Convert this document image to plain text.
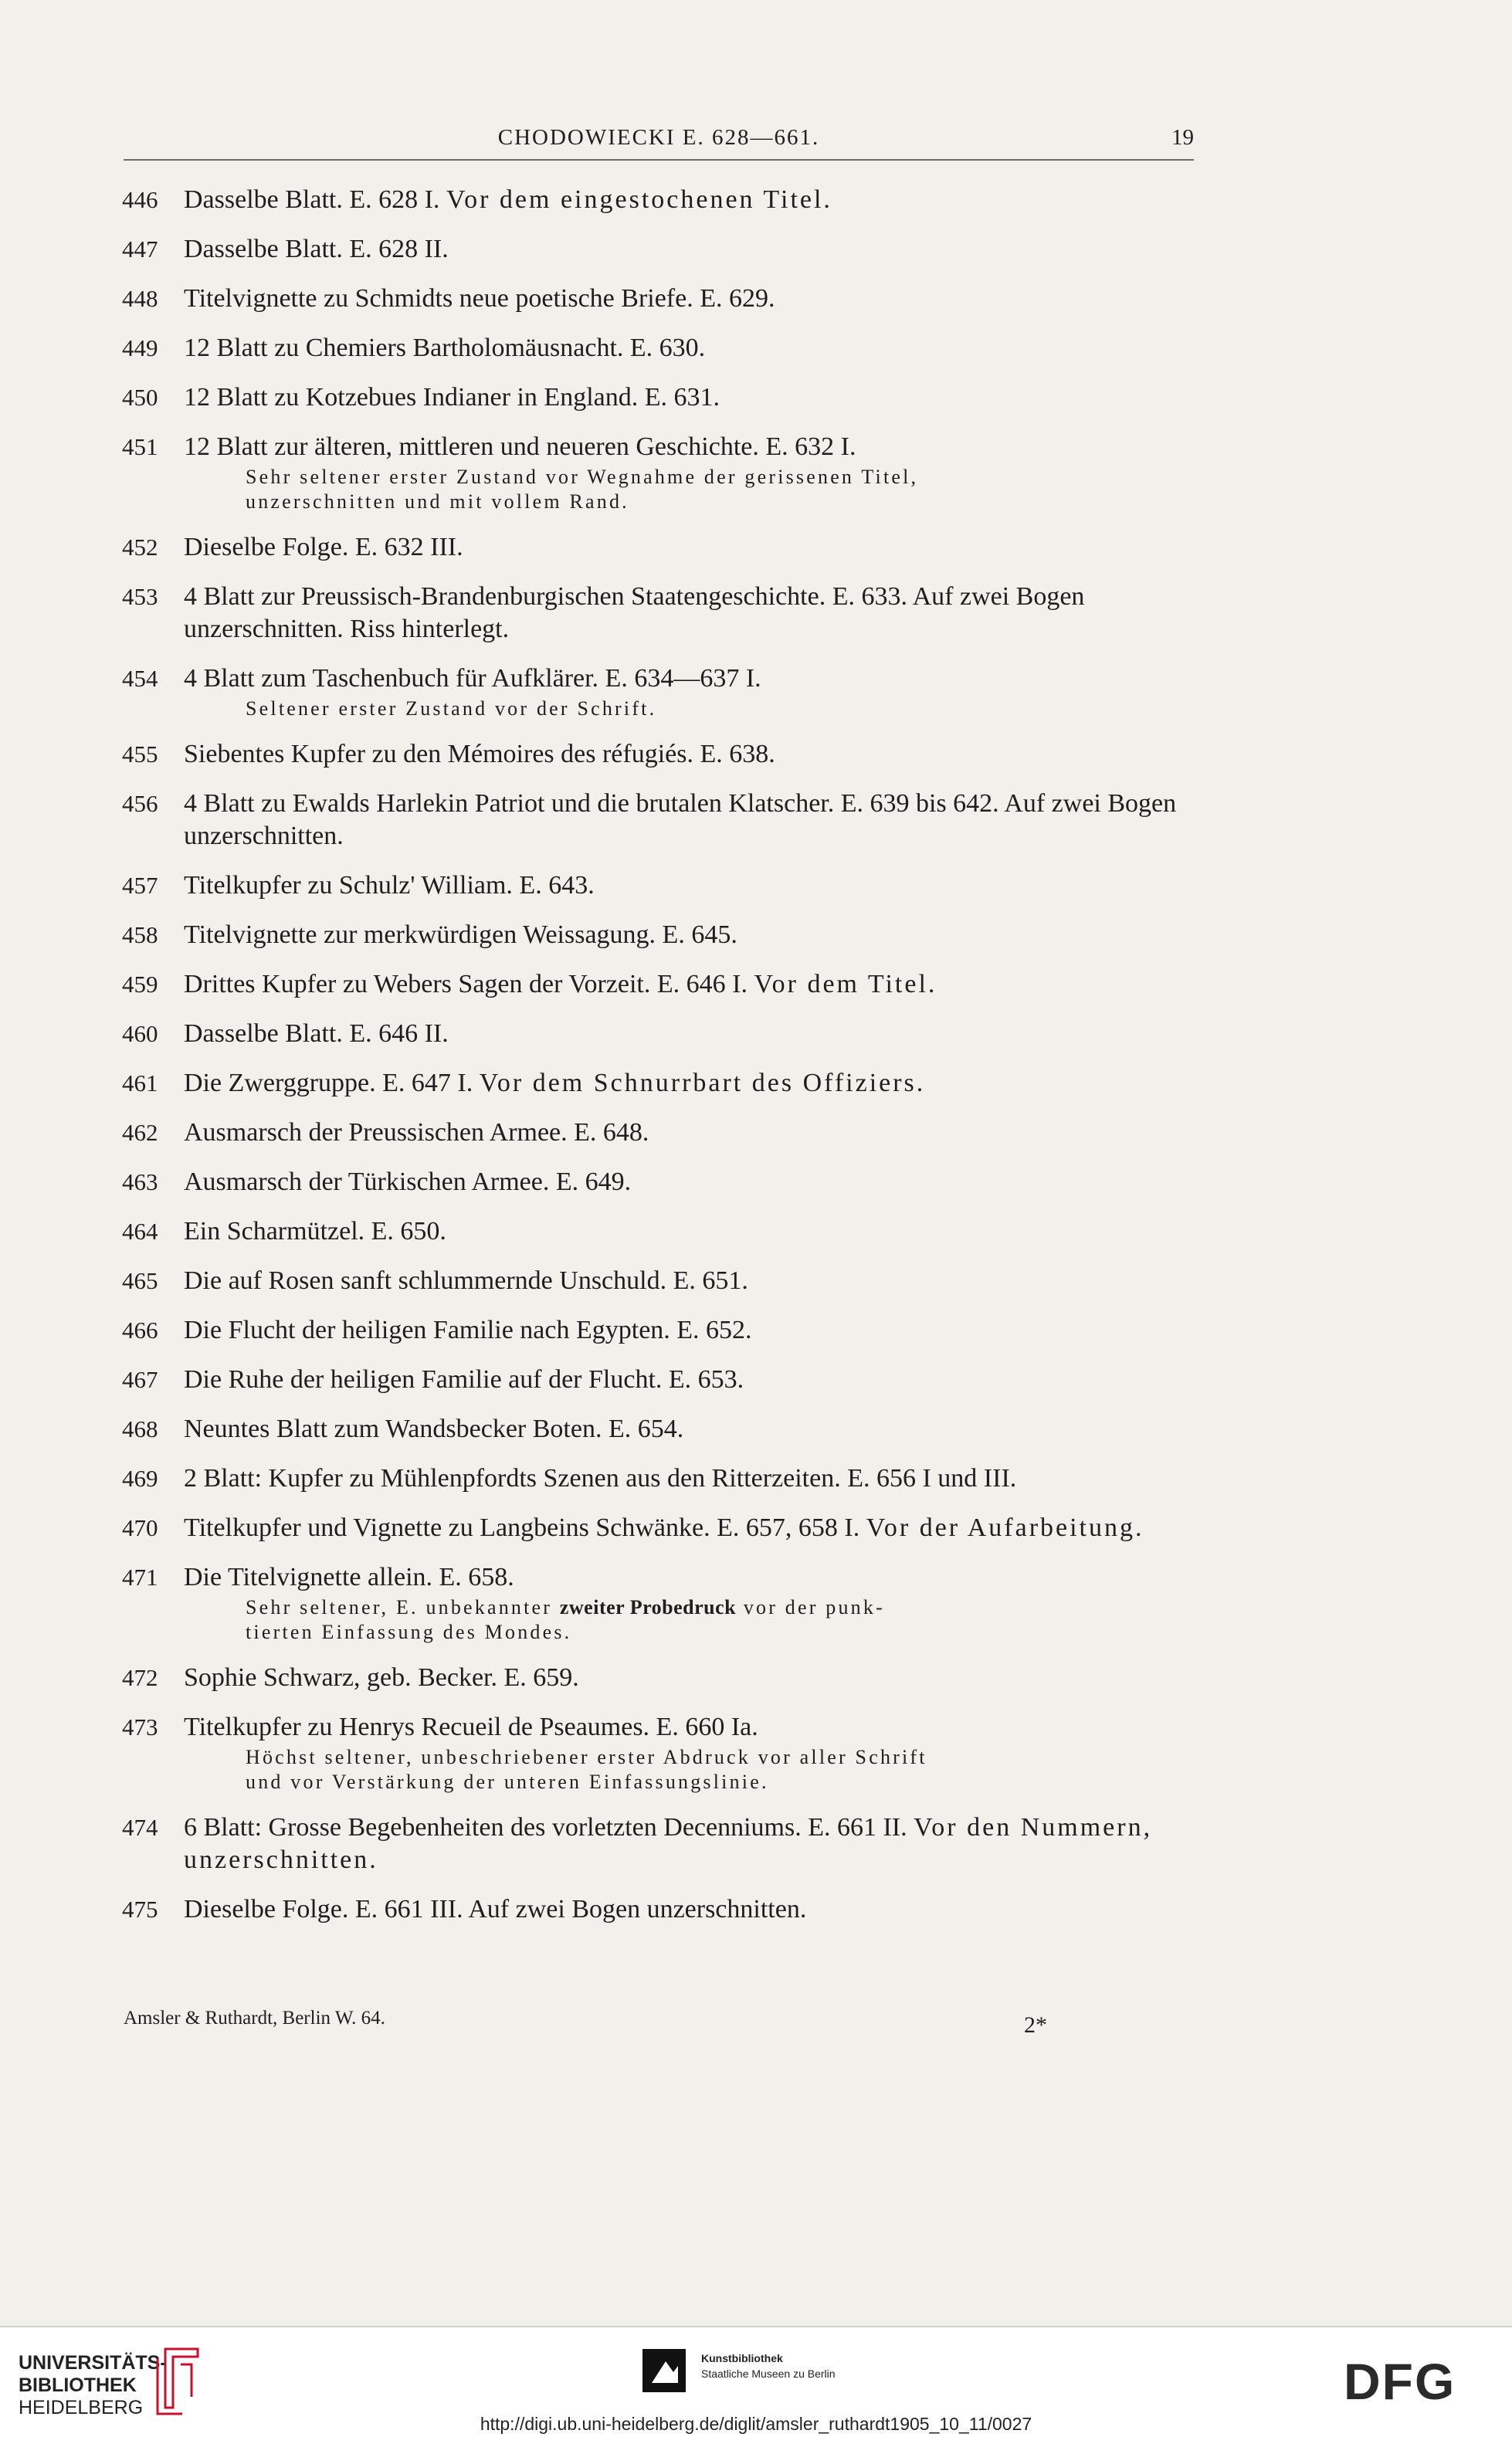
CHODOWIECKI E. 628—661.	19
446 Dasselbe Blatt. E. 628 I. Vor dem eingestochenen Titel.
447 Dasselbe Blatt. E. 628 II.
448 Titelvignette zu Schmidts neue poetische Briefe. E. 629.
449 12 Blatt zu Chemiers Bartholomäusnacht. E. 630.
450 12 Blatt zu Kotzebues Indianer in England. E. 631.
451 12 Blatt zur älteren, mittleren und neueren Geschichte. E. 632 I.
Sehr seltener erster Zustand vor Wegnahme der gerissenen Titel,
unzerschnitten und mit vollem Rand.
452 Dieselbe Folge. E. 632 III.
453 4 Blatt zur Preussisch-Brandenburgischen Staatengeschichte. E. 633. Auf zwei Bogen unzerschnitten. Riss hinterlegt.
454 4 Blatt zum Taschenbuch für Aufklärer. E. 634—637 I.
Seltener erster Zustand vor der Schrift.
455 Siebentes Kupfer zu den Mémoires des réfugiés. E. 638.
456 4 Blatt zu Ewalds Harlekin Patriot und die brutalen Klatscher. E. 639 bis 642. Auf zwei Bogen unzerschnitten.
457 Titelkupfer zu Schulz' William. E. 643.
458 Titelvignette zur merkwürdigen Weissagung. E. 645.
459 Drittes Kupfer zu Webers Sagen der Vorzeit. E. 646 I. Vor dem Titel.
460 Dasselbe Blatt. E. 646 II.
461 Die Zwerggruppe. E. 647 I. Vor dem Schnurrbart des Offiziers.
462 Ausmarsch der Preussischen Armee. E. 648.
463 Ausmarsch der Türkischen Armee. E. 649.
464 Ein Scharmützel. E. 650.
465 Die auf Rosen sanft schlummernde Unschuld. E. 651.
466 Die Flucht der heiligen Familie nach Egypten. E. 652.
467 Die Ruhe der heiligen Familie auf der Flucht. E. 653.
468 Neuntes Blatt zum Wandsbecker Boten. E. 654.
469 2 Blatt: Kupfer zu Mühlenpfordts Szenen aus den Ritterzeiten. E. 656 I und III.
470 Titelkupfer und Vignette zu Langbeins Schwänke. E. 657, 658 I. Vor der Aufarbeitung.
471 Die Titelvignette allein. E. 658.
Sehr seltener, E. unbekannter zweiter Probedruck vor der punk-
tierten Einfassung des Mondes.
472 Sophie Schwarz, geb. Becker. E. 659.
473 Titelkupfer zu Henrys Recueil de Pseaumes. E. 660 Ia.
Höchst seltener, unbeschriebener erster Abdruck vor aller Schrift
und vor Verstärkung der unteren Einfassungslinie.
474 6 Blatt: Grosse Begebenheiten des vorletzten Decenniums. E. 661 II. Vor den Nummern, unzerschnitten.
475 Dieselbe Folge. E. 661 III. Auf zwei Bogen unzerschnitten.
Amsler & Ruthardt, Berlin W. 64.	2*
UNIVERSITÄTS-
BIBLIOTHEK
HEIDELBERG
Kunstbibliothek
Staatliche Museen zu Berlin	DFG
http://digi.ub.uni-heidelberg.de/diglit/amsler_ruthardt1905_10_11/0027
